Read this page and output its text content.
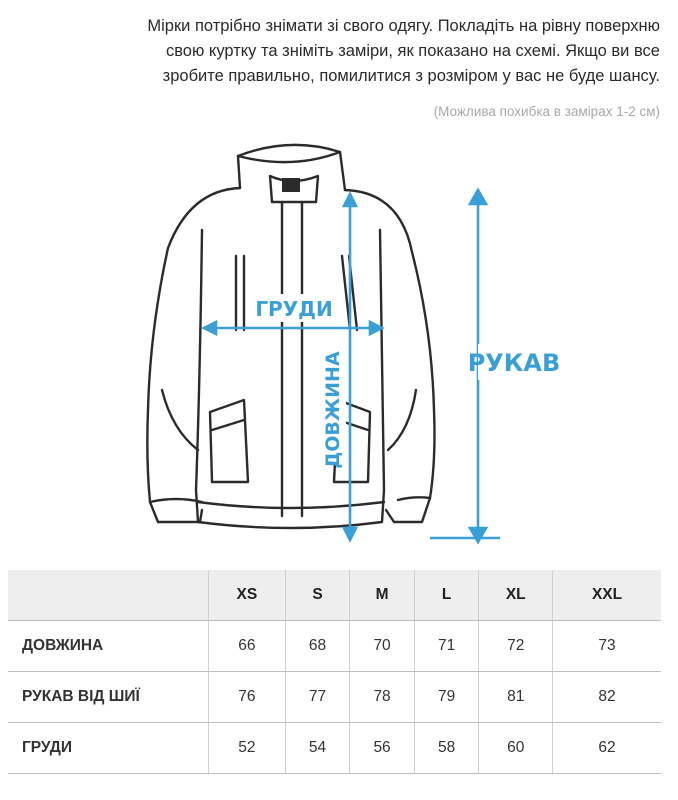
Мірки потрібно знімати зі свого одягу. Покладіть на рівну поверхню
свою куртку та зніміть заміри, як показано на схемі. Якщо ви все
зробите правильно, помилитися з розміром у вас не буде шансу.
(Можлива похибка в замірах 1-2 см)
ГРУДИ
ДОВЖИНА	РУКАВ
	XS	S	M	L	XL	XXL
ДОВЖИНА	66	68	70	71	72	73
РУКАВ ВІД ШИЇ	76	77	78	79	81	82
ГРУДИ	52	54	56	58	60	62
